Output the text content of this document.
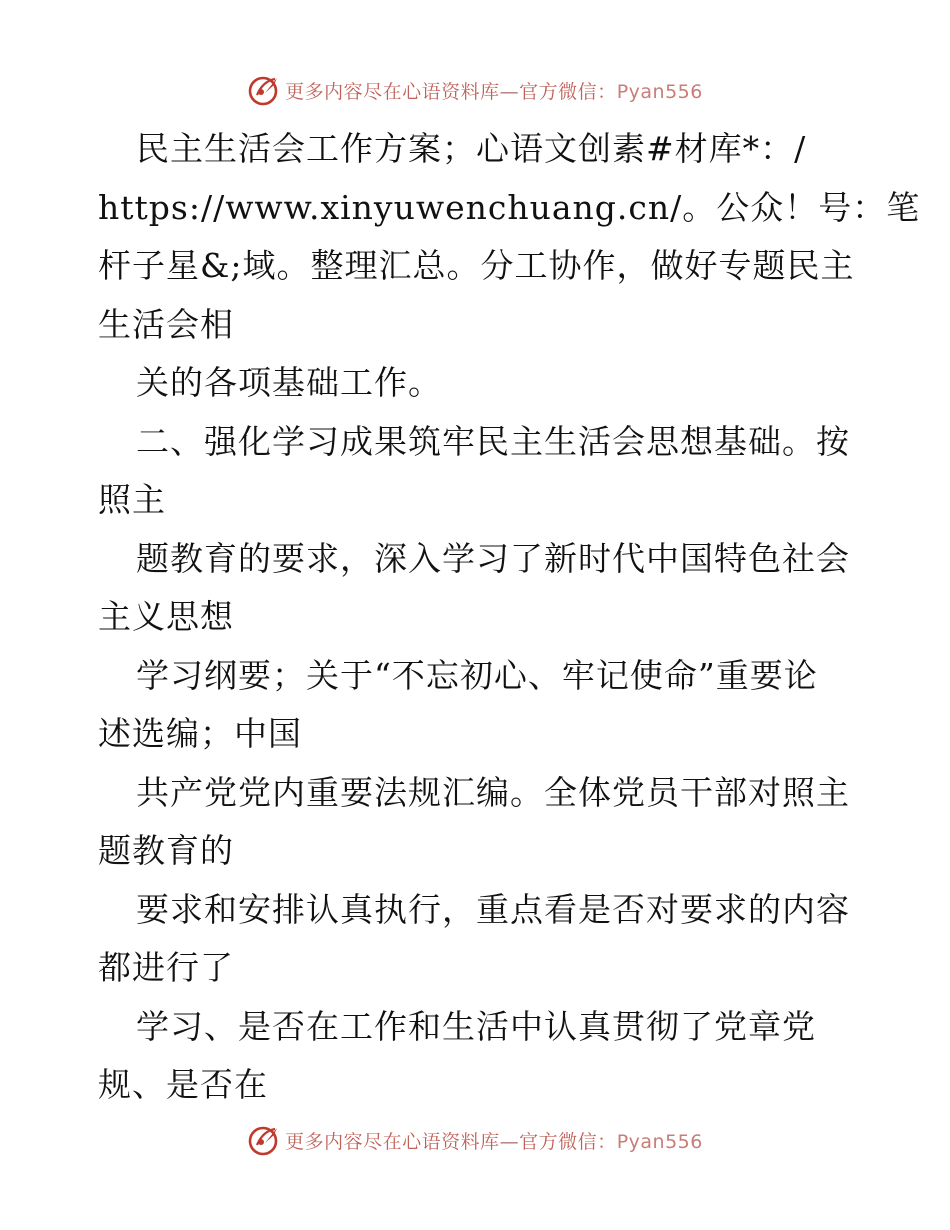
更多内容尽在心语资料库—官方微信：Pyan556
民主生活会工作方案；心语文创素#材库*：/
https://www.xinyuwenchuang.cn/。公众！号：笔
杆子星&;域。整理汇总。分工协作，做好专题民主
生活会相
关的各项基础工作。
二、强化学习成果筑牢民主生活会思想基础。按
照主
题教育的要求，深入学习了新时代中国特色社会
主义思想
学习纲要；关于“不忘初心、牢记使命”重要论
述选编；中国
共产党党内重要法规汇编。全体党员干部对照主
题教育的
要求和安排认真执行，重点看是否对要求的内容
都进行了
学习、是否在工作和生活中认真贯彻了党章党
规、是否在
更多内容尽在心语资料库—官方微信：Pyan556
